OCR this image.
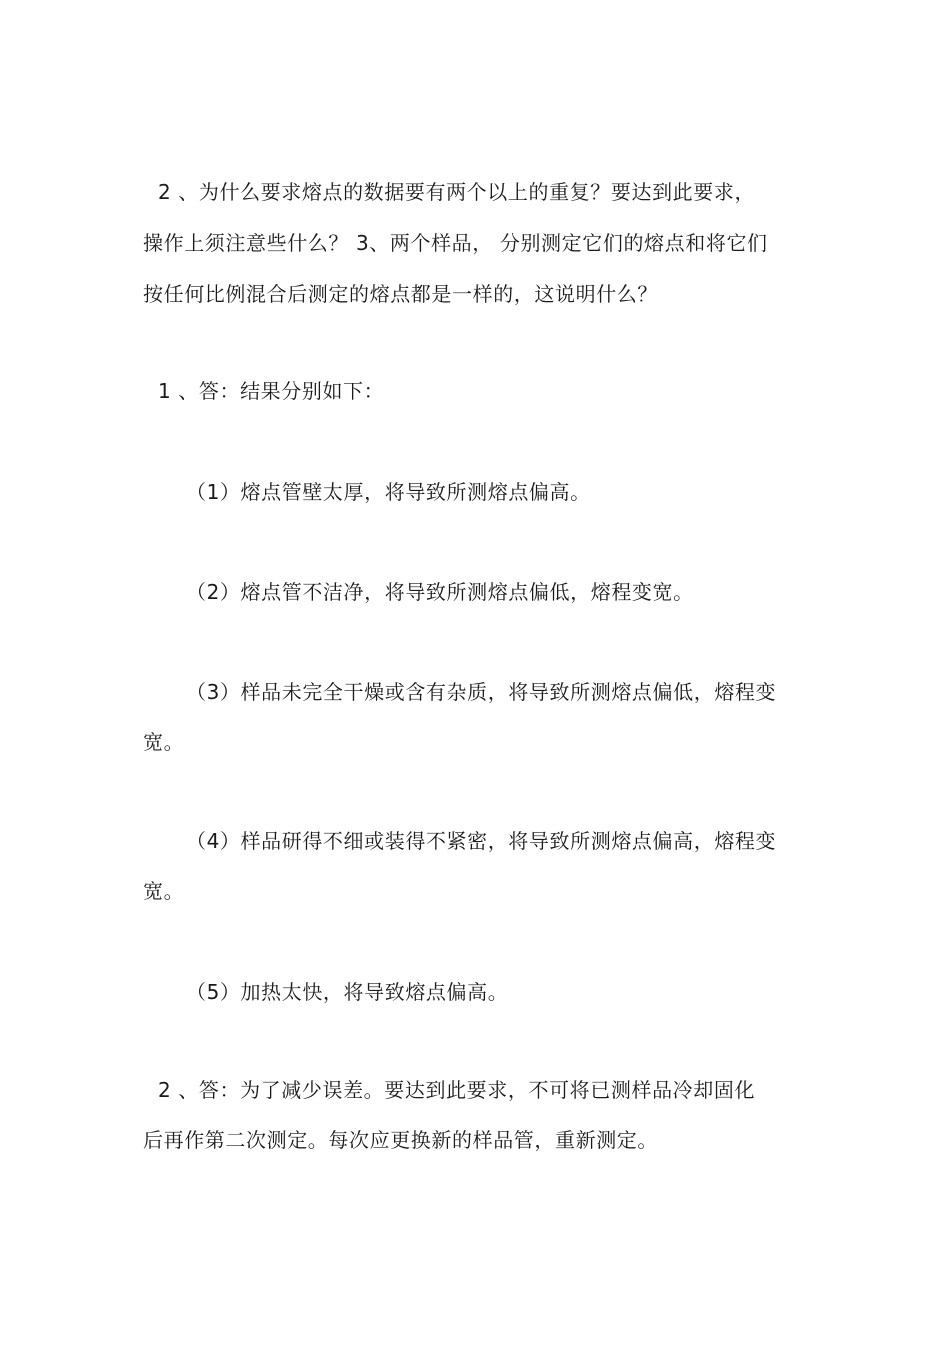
2 、为什么要求熔点的数据要有两个以上的重复？要达到此要求，
操作上须注意些什么？ 3、两个样品， 分别测定它们的熔点和将它们
按任何比例混合后测定的熔点都是一样的，这说明什么？
1 、答：结果分别如下：
（1）熔点管壁太厚，将导致所测熔点偏高。
（2）熔点管不洁净，将导致所测熔点偏低，熔程变宽。
（3）样品未完全干燥或含有杂质，将导致所测熔点偏低，熔程变
宽。
（4）样品研得不细或装得不紧密，将导致所测熔点偏高，熔程变
宽。
（5）加热太快，将导致熔点偏高。
2 、答：为了减少误差。要达到此要求，不可将已测样品冷却固化
后再作第二次测定。每次应更换新的样品管，重新测定。
